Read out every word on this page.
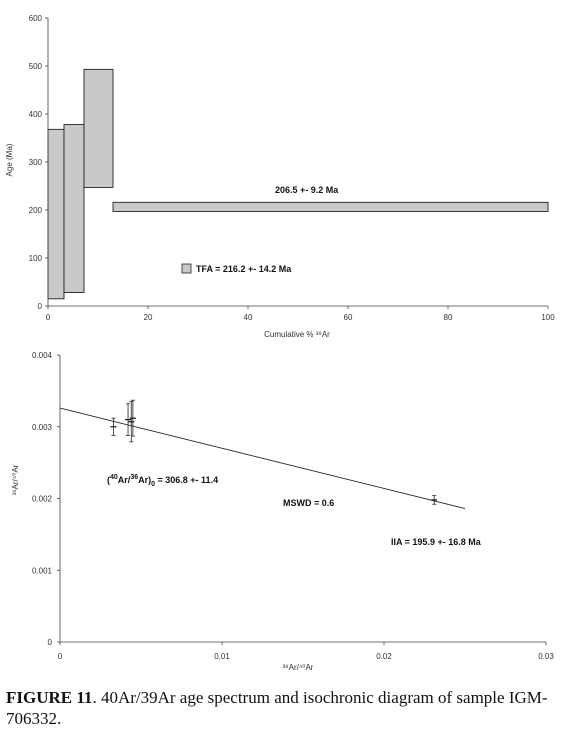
0	20	40	60	80	100
0
100
200
300
400
500
600
206.5 +- 9.2 Ma
TFA = 216.2 +- 14.2 Ma
Cumulative % ³⁹Ar
Age (Ma)
0	0.01	0.02	0.03
0
0.001
0.002
0.003
0.004
$(^{40}Ar/^{36}Ar)_0 = 306.8 +- 11.4$
MSWD = 0.6
IIA = 195.9 +- 16.8 Ma
³⁹Ar/⁴⁰Ar
³⁶Ar/⁴⁰Ar
FIGURE 11. 40Ar/39Ar age spectrum and isochronic diagram of sample IGM-706332.
